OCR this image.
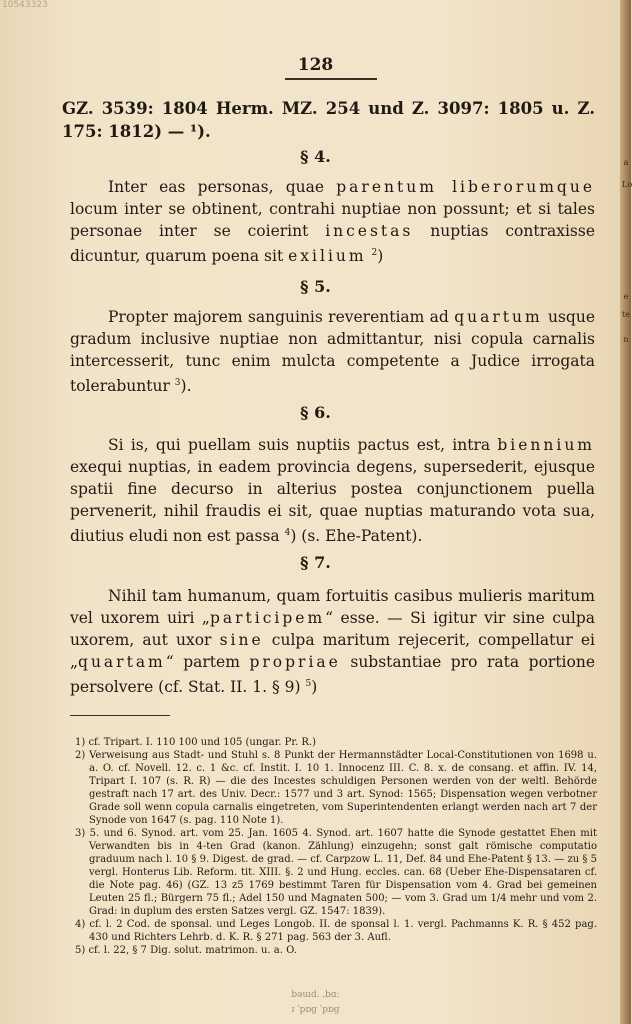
a
Lo
e
te
n
10543323
128
GZ. 3539: 1804 Herm. MZ. 254 und Z. 3097: 1805 u. Z. 175: 1812) — ¹).
§ 4.
Inter eas personas, quae parentum liberorumque locum inter se obtinent, contrahi nuptiae non possunt; et si tales personae inter se coierint incestas nuptias contraxisse dicuntur, quarum poena sit exilium $^2$)
§ 5.
Propter majorem sanguinis reverentiam ad quartum usque gradum inclusive nuptiae non admittantur, nisi copula carnalis intercesserit, tunc enim mulcta competente a Judice irrogata tolerabuntur $^3$).
§ 6.
Si is, qui puellam suis nuptiis pactus est, intra biennium exequi nuptias, in eadem provincia degens, supersederit, ejusque spatii fine decurso in alterius postea conjunctionem puella pervenerit, nihil fraudis ei sit, quae nuptias maturando vota sua, diutius eludi non est passa $^4$) (s. Ehe-Patent).
§ 7.
Nihil tam humanum, quam fortuitis casibus mulieris maritum vel uxorem uiri „participem“ esse. — Si igitur vir sine culpa uxorem, aut uxor sine culpa maritum rejecerit, compellatur ei „quartam“ partem propriae substantiae pro rata portione persolvere (cf. Stat. II. 1. § 9) $^5$)

1) cf. Tripart. I. 110 100 und 105 (ungar. Pr. R.)

2) Verweisung aus Stadt- und Stuhl s. 8 Punkt der Hermannstädter Local-Constitutionen von 1698 u. a. O. cf. Novell. 12. c. 1 &c. cf. Instit. I. 10 1. Innocenz III. C. 8. x. de consang. et affin. IV. 14, Tripart I. 107 (s. R. R) — die des Incestes schuldigen Personen werden von der weltl. Behörde gestraft nach 17 art. des Univ. Decr.: 1577 und 3 art. Synod: 1565; Dispensation wegen verbotner Grade soll wenn copula carnalis eingetreten, vom Superintendenten erlangt werden nach art 7 der Synode von 1647 (s. pag. 110 Note 1).

3) 5. und 6. Synod. art. vom 25. Jan. 1605 4. Synod. art. 1607 hatte die Synode gestattet Ehen mit Verwandten bis in 4-ten Grad (kanon. Zählung) einzugehn; sonst galt römische computatio graduum nach l. 10 § 9. Digest. de grad. — cf. Carpzow L. 11, Def. 84 und Ehe-Patent § 13. — zu § 5 vergl. Honterus Lib. Reform. tit. XIII. §. 2 und Hung. eccles. can. 68 (Ueber Ehe-Dispensataren cf. die Note pag. 46) (GZ. 13 z5 1769 bestimmt Taren für Dispensation vom 4. Grad bei gemeinen Leuten 25 fl.; Bürgern 75 fl.; Adel 150 und Magnaten 500; — vom 3. Grad um 1/4 mehr und vom 2. Grad: in duplum des ersten Satzes vergl. GZ. 1547: 1839).

4) cf. l. 2 Cod. de sponsal. und Leges Longob. II. de sponsal l. 1. vergl. Pachmanns K. R. § 452 pag. 430 und Richters Lehrb. d. K. R. § 271 pag. 563 der 3. Aufl.

5) cf. l. 22, § 7 Dig. solut. matrimon. u. a. O.

bəɯd. ˌbɑ:
ɪ ˈpɒg ˈpɒg
